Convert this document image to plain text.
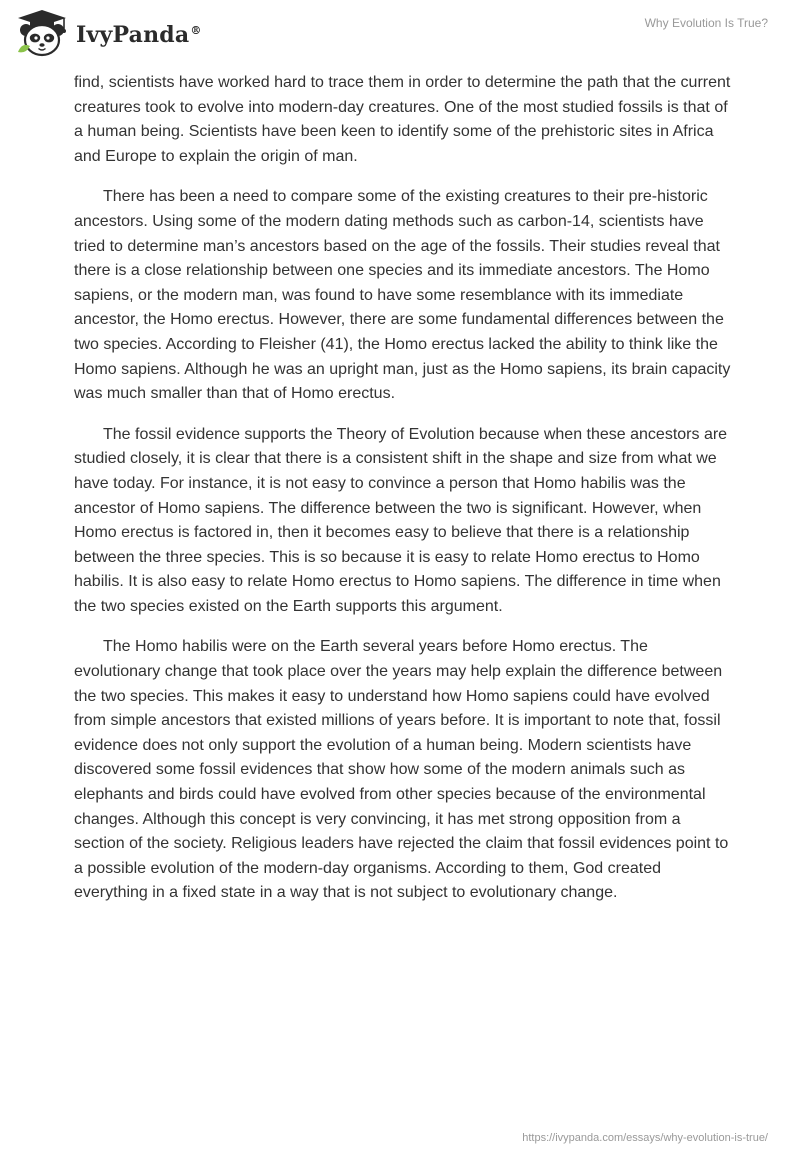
IvyPanda®
Why Evolution Is True?

find, scientists have worked hard to trace them in order to determine the path that the current creatures took to evolve into modern-day creatures. One of the most studied fossils is that of a human being. Scientists have been keen to identify some of the prehistoric sites in Africa and Europe to explain the origin of man.

There has been a need to compare some of the existing creatures to their pre-historic ancestors. Using some of the modern dating methods such as carbon-14, scientists have tried to determine man’s ancestors based on the age of the fossils. Their studies reveal that there is a close relationship between one species and its immediate ancestors. The Homo sapiens, or the modern man, was found to have some resemblance with its immediate ancestor, the Homo erectus. However, there are some fundamental differences between the two species. According to Fleisher (41), the Homo erectus lacked the ability to think like the Homo sapiens. Although he was an upright man, just as the Homo sapiens, its brain capacity was much smaller than that of Homo erectus.

The fossil evidence supports the Theory of Evolution because when these ancestors are studied closely, it is clear that there is a consistent shift in the shape and size from what we have today. For instance, it is not easy to convince a person that Homo habilis was the ancestor of Homo sapiens. The difference between the two is significant. However, when Homo erectus is factored in, then it becomes easy to believe that there is a relationship between the three species. This is so because it is easy to relate Homo erectus to Homo habilis. It is also easy to relate Homo erectus to Homo sapiens. The difference in time when the two species existed on the Earth supports this argument.

The Homo habilis were on the Earth several years before Homo erectus. The evolutionary change that took place over the years may help explain the difference between the two species. This makes it easy to understand how Homo sapiens could have evolved from simple ancestors that existed millions of years before. It is important to note that, fossil evidence does not only support the evolution of a human being. Modern scientists have discovered some fossil evidences that show how some of the modern animals such as elephants and birds could have evolved from other species because of the environmental changes. Although this concept is very convincing, it has met strong opposition from a section of the society. Religious leaders have rejected the claim that fossil evidences point to a possible evolution of the modern-day organisms. According to them, God created everything in a fixed state in a way that is not subject to evolutionary change.

https://ivypanda.com/essays/why-evolution-is-true/
